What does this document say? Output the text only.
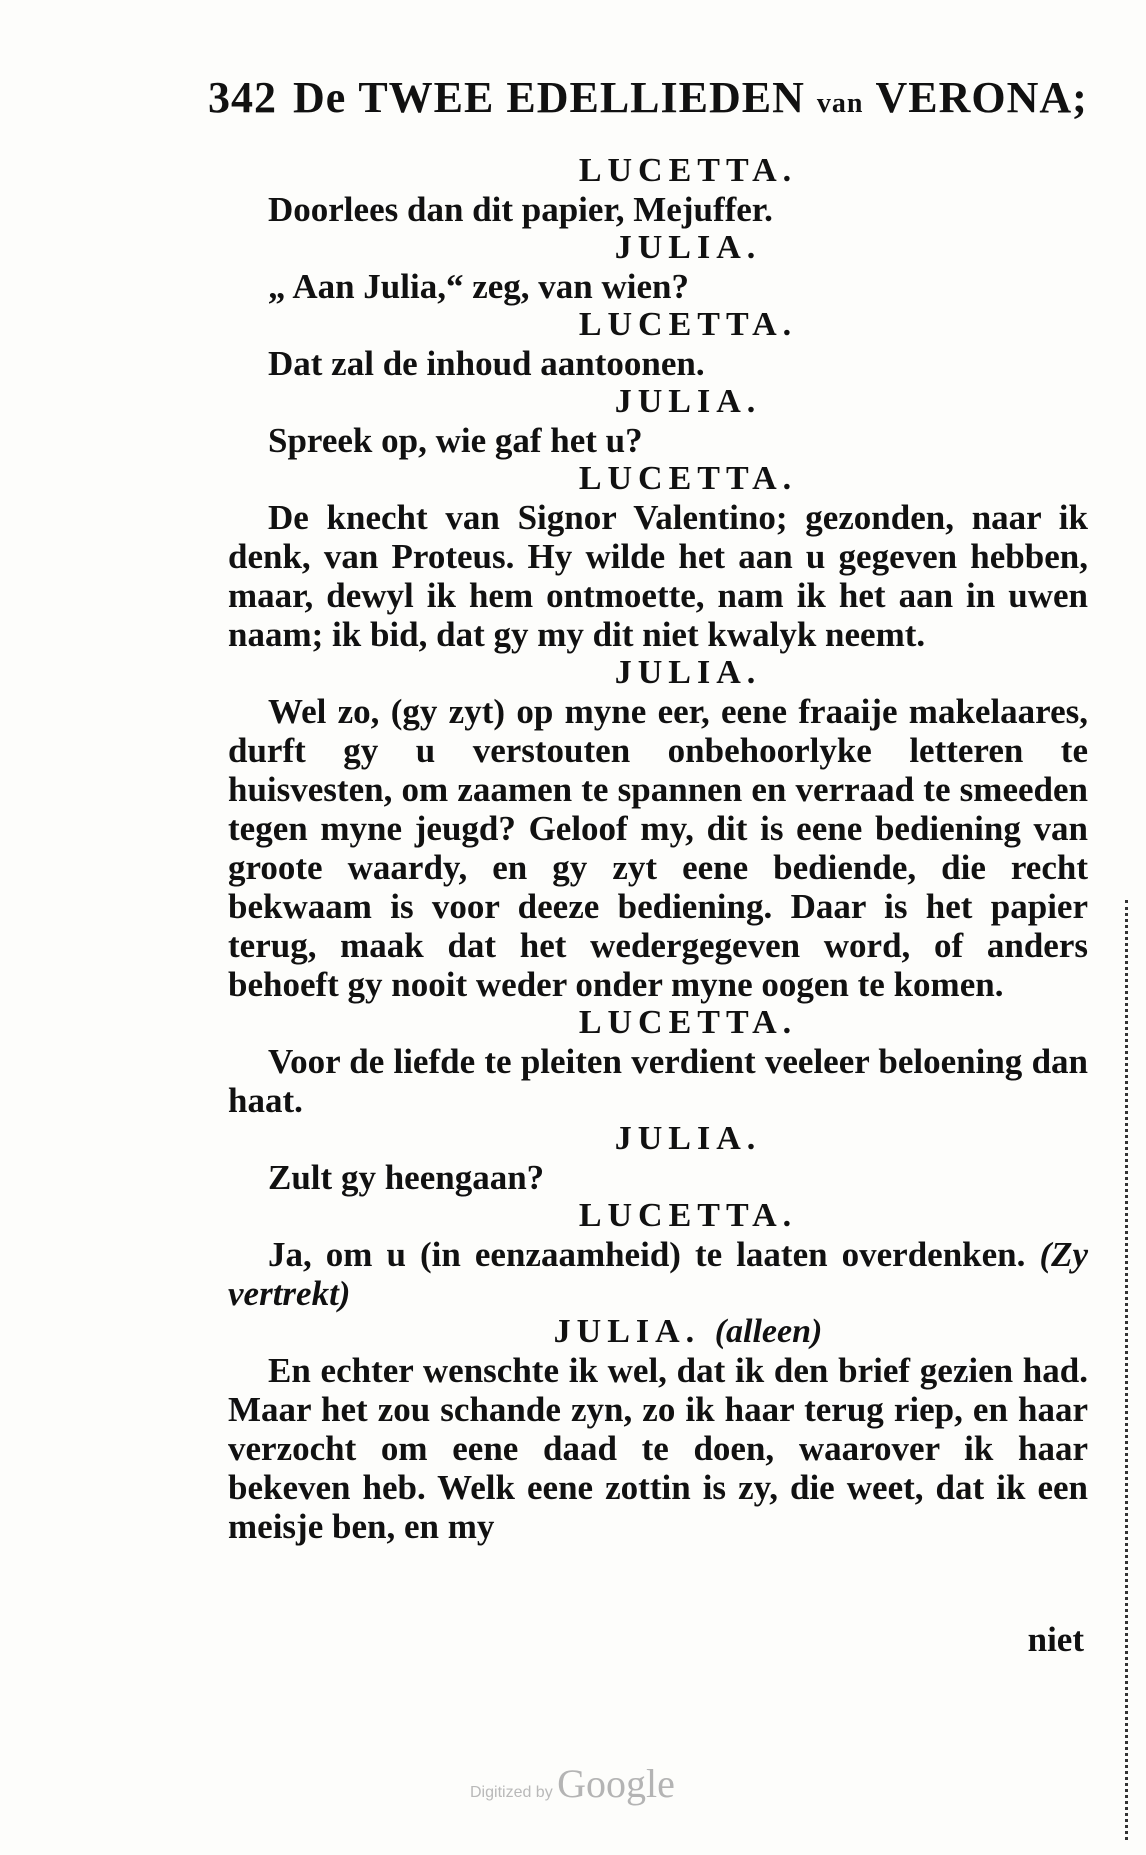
342 De
TWEE EDELLIEDEN
van
VERONA;
LUCETTA.
Doorlees dan dit papier, Mejuffer.
JULIA.
„ Aan Julia,“ zeg, van wien?
LUCETTA.
Dat zal de inhoud aantoonen.
JULIA.
Spreek op, wie gaf het u?
LUCETTA.
De knecht van Signor Valentino; gezonden, naar ik denk, van Proteus. Hy wilde het aan u gegeven hebben, maar, dewyl ik hem ontmoette, nam ik het aan in uwen naam; ik bid, dat gy my dit niet kwalyk neemt.
JULIA.
Wel zo, (gy zyt) op myne eer, eene fraaije makelaares, durft gy u verstouten onbehoorlyke letteren te huisvesten, om zaamen te spannen en verraad te smeeden tegen myne jeugd? Geloof my, dit is eene bediening van groote waardy, en gy zyt eene bediende, die recht bekwaam is voor deeze bediening. Daar is het papier terug, maak dat het wedergegeven word, of anders behoeft gy nooit weder onder myne oogen te komen.
LUCETTA.
Voor de liefde te pleiten verdient veeleer beloening dan haat.
JULIA.
Zult gy heengaan?
LUCETTA.
Ja, om u (in eenzaamheid) te laaten overdenken. (Zy vertrekt)
JULIA. (alleen)
En echter wenschte ik wel, dat ik den brief gezien had. Maar het zou schande zyn, zo ik haar terug riep, en haar verzocht om eene daad te doen, waarover ik haar bekeven heb. Welk eene zottin is zy, die weet, dat ik een meisje ben, en my
niet
Digitized by Google
